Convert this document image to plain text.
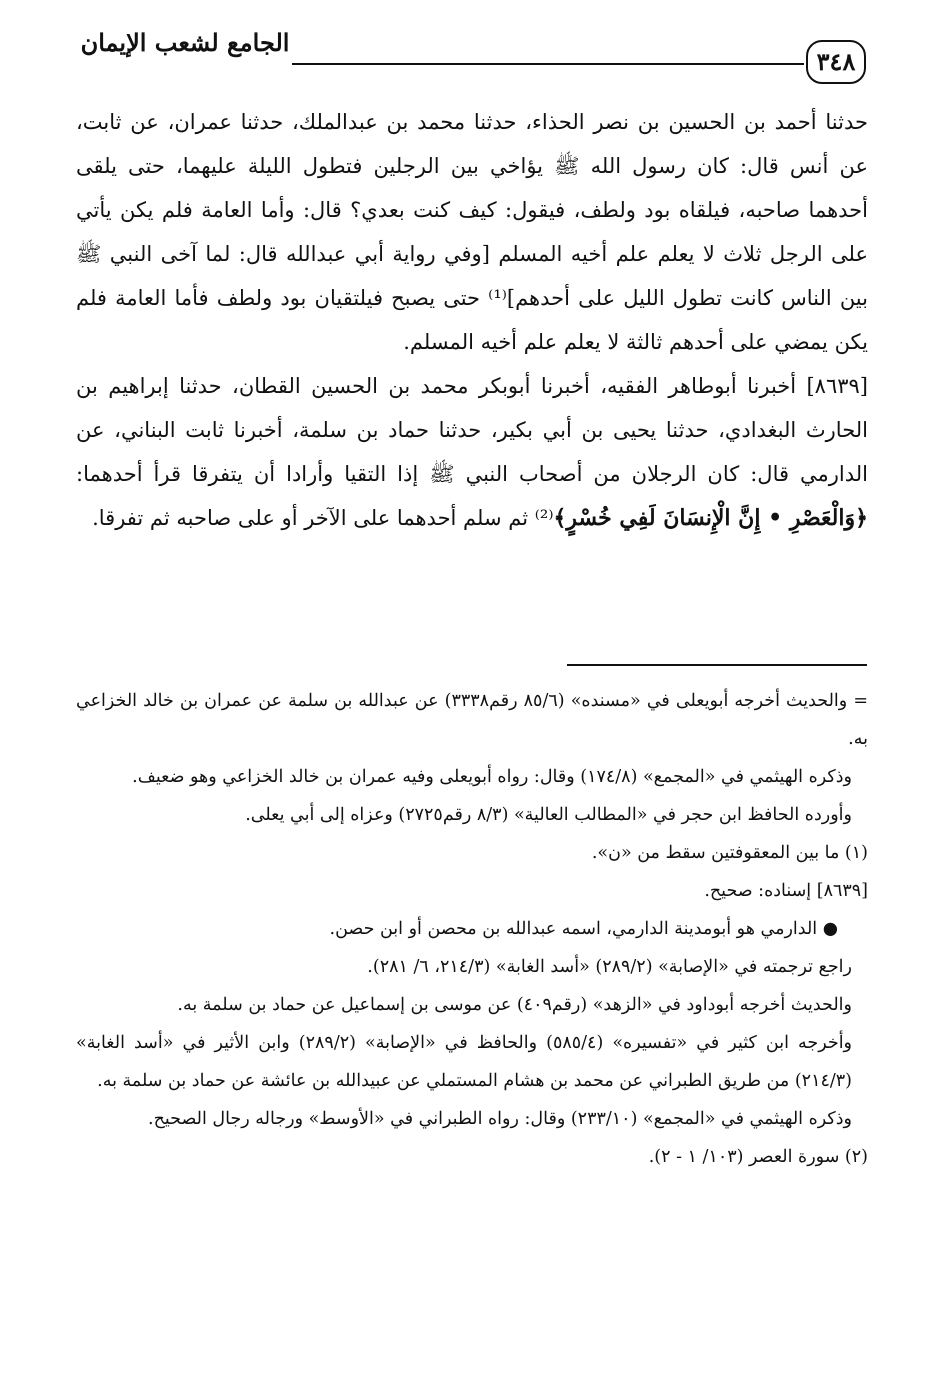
الجامع لشعب الإيمان
٣٤٨

حدثنا أحمد بن الحسين بن نصر الحذاء، حدثنا محمد بن عبدالملك، حدثنا عمران، عن ثابت، عن أنس قال: كان رسول الله ﷺ يؤاخي بين الرجلين فتطول الليلة عليهما، حتى يلقى أحدهما صاحبه، فيلقاه بود ولطف، فيقول: كيف كنت بعدي؟ قال: وأما العامة فلم يكن يأتي على الرجل ثلاث لا يعلم علم أخيه المسلم [وفي رواية أبي عبدالله قال: لما آخى النبي ﷺ بين الناس كانت تطول الليل على أحدهم]⁽¹⁾ حتى يصبح فيلتقيان بود ولطف فأما العامة فلم يكن يمضي على أحدهم ثالثة لا يعلم علم أخيه المسلم.

[٨٦٣٩] أخبرنا أبوطاهر الفقيه، أخبرنا أبوبكر محمد بن الحسين القطان، حدثنا إبراهيم بن الحارث البغدادي، حدثنا يحيى بن أبي بكير، حدثنا حماد بن سلمة، أخبرنا ثابت البناني، عن الدارمي قال: كان الرجلان من أصحاب النبي ﷺ إذا التقيا وأرادا أن يتفرقا قرأ أحدهما: ﴿وَالْعَصْرِ • إِنَّ الْإِنسَانَ لَفِي خُسْرٍ﴾⁽²⁾ ثم سلم أحدهما على الآخر أو على صاحبه ثم تفرقا.

= والحديث أخرجه أبويعلى في «مسنده» (٨٥/٦ رقم٣٣٣٨) عن عبدالله بن سلمة عن عمران بن خالد الخزاعي به.

وذكره الهيثمي في «المجمع» (١٧٤/٨) وقال: رواه أبويعلى وفيه عمران بن خالد الخزاعي وهو ضعيف.

وأورده الحافظ ابن حجر في «المطالب العالية» (٨/٣ رقم٢٧٢٥) وعزاه إلى أبي يعلى.

(١) ما بين المعقوفتين سقط من «ن».

[٨٦٣٩] إسناده: صحيح.

● الدارمي هو أبومدينة الدارمي، اسمه عبدالله بن محصن أو ابن حصن.

راجع ترجمته في «الإصابة» (٢٨٩/٢) «أسد الغابة» (٢١٤/٣، ٦/ ٢٨١).

والحديث أخرجه أبوداود في «الزهد» (رقم٤٠٩) عن موسى بن إسماعيل عن حماد بن سلمة به.

وأخرجه ابن كثير في «تفسيره» (٥٨٥/٤) والحافظ في «الإصابة» (٢٨٩/٢) وابن الأثير في «أسد الغابة» (٢١٤/٣) من طريق الطبراني عن محمد بن هشام المستملي عن عبيدالله بن عائشة عن حماد بن سلمة به.

وذكره الهيثمي في «المجمع» (٢٣٣/١٠) وقال: رواه الطبراني في «الأوسط» ورجاله رجال الصحيح.

(٢) سورة العصر (١٠٣/ ١ - ٢).
